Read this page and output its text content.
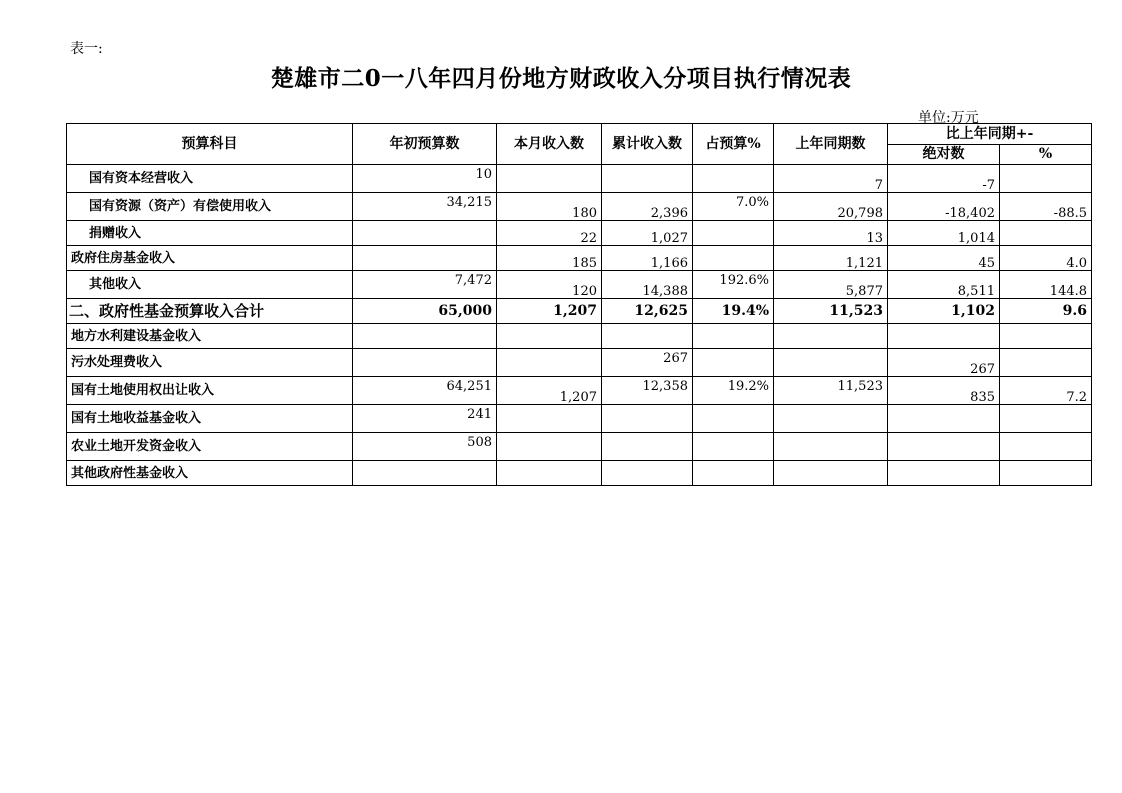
表一:
楚雄市二0一八年四月份地方财政收入分项目执行情况表
单位:万元
预算科目	年初预算数	本月收入数	累计收入数	占预算%	上年同期数	比上年同期+-	
						绝对数	%
国有资本经营收入	10				7	-7	
国有资源（资产）有偿使用收入	34,215	180	2,396	7.0%	20,798	-18,402	-88.5
捐赠收入		22	1,027		13	1,014	
政府住房基金收入		185	1,166		1,121	45	4.0
其他收入	7,472	120	14,388	192.6%	5,877	8,511	144.8
二、政府性基金预算收入合计	65,000	1,207	12,625	19.4%	11,523	1,102	9.6
地方水利建设基金收入							
污水处理费收入			267			267	
国有土地使用权出让收入	64,251	1,207	12,358	19.2%	11,523	835	7.2
国有土地收益基金收入	241						
农业土地开发资金收入	508						
其他政府性基金收入							
